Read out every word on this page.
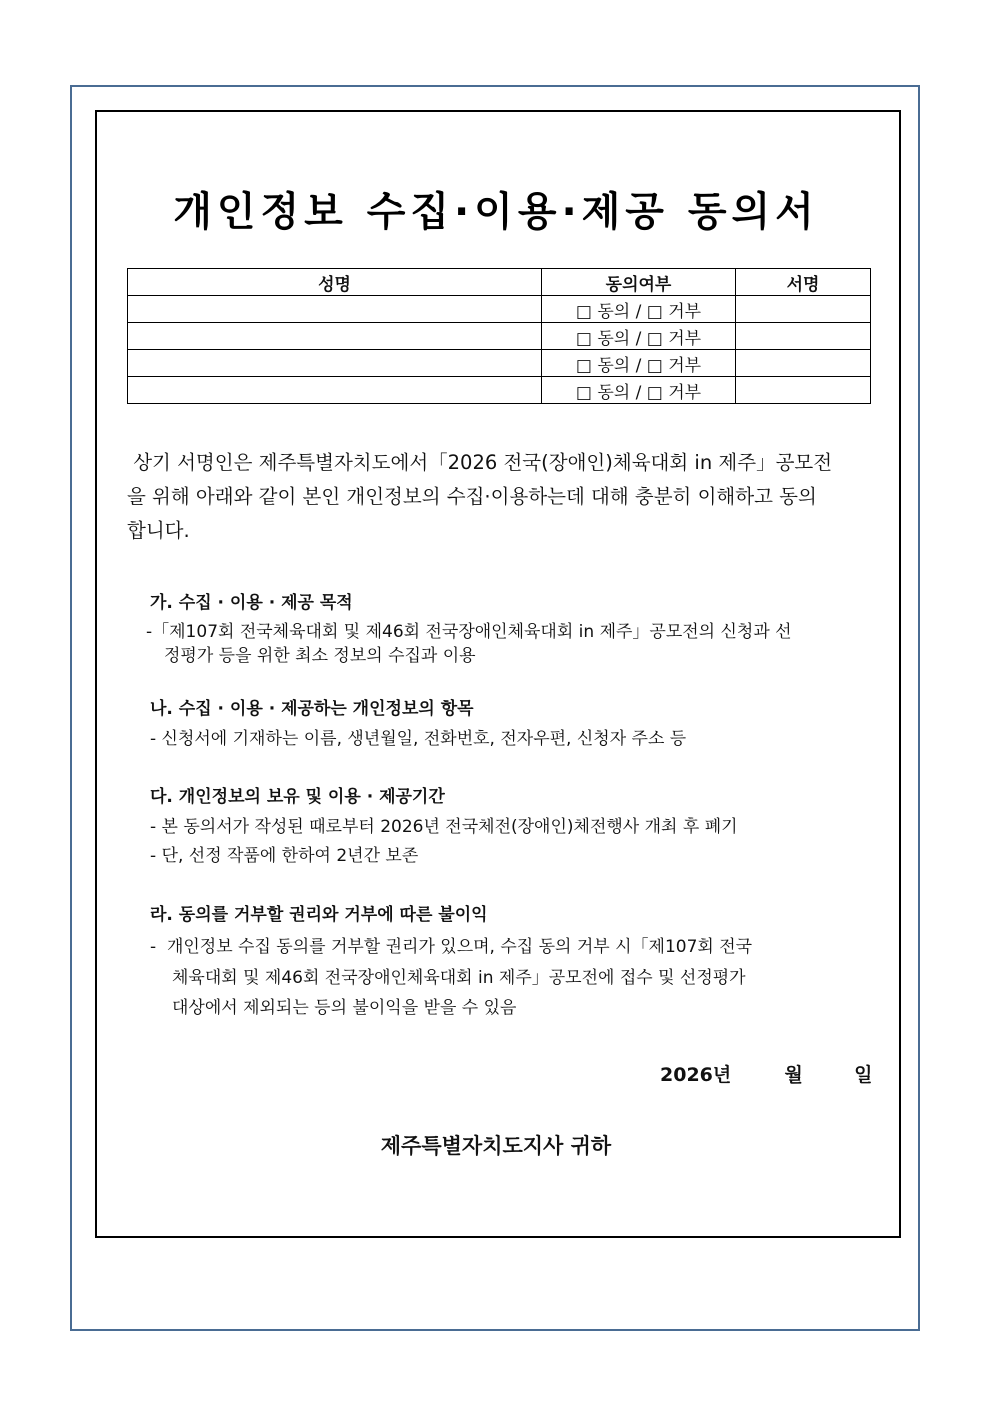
개인정보 수집·이용·제공 동의서
성명	동의여부	서명
	□ 동의 / □ 거부	
	□ 동의 / □ 거부	
	□ 동의 / □ 거부	
	□ 동의 / □ 거부	
상기 서명인은 제주특별자치도에서「2026 전국(장애인)체육대회 in 제주」공모전
을 위해 아래와 같이 본인 개인정보의 수집·이용하는데 대해 충분히 이해하고 동의
합니다.
가. 수집 · 이용 · 제공 목적
-「제107회 전국체육대회 및 제46회 전국장애인체육대회 in 제주」공모전의 신청과 선
정평가 등을 위한 최소 정보의 수집과 이용
나. 수집 · 이용 · 제공하는 개인정보의 항목
- 신청서에 기재하는 이름, 생년월일, 전화번호, 전자우편, 신청자 주소 등
다. 개인정보의 보유 및 이용 · 제공기간
- 본 동의서가 작성된 때로부터 2026년 전국체전(장애인)체전행사 개최 후 폐기
- 단, 선정 작품에 한하여 2년간 보존
라. 동의를 거부할 권리와 거부에 따른 불이익
-  개인정보 수집 동의를 거부할 권리가 있으며, 수집 동의 거부 시「제107회 전국
체육대회 및 제46회 전국장애인체육대회 in 제주」공모전에 접수 및 선정평가
대상에서 제외되는 등의 불이익을 받을 수 있음
2026년	월	일
제주특별자치도지사 귀하
